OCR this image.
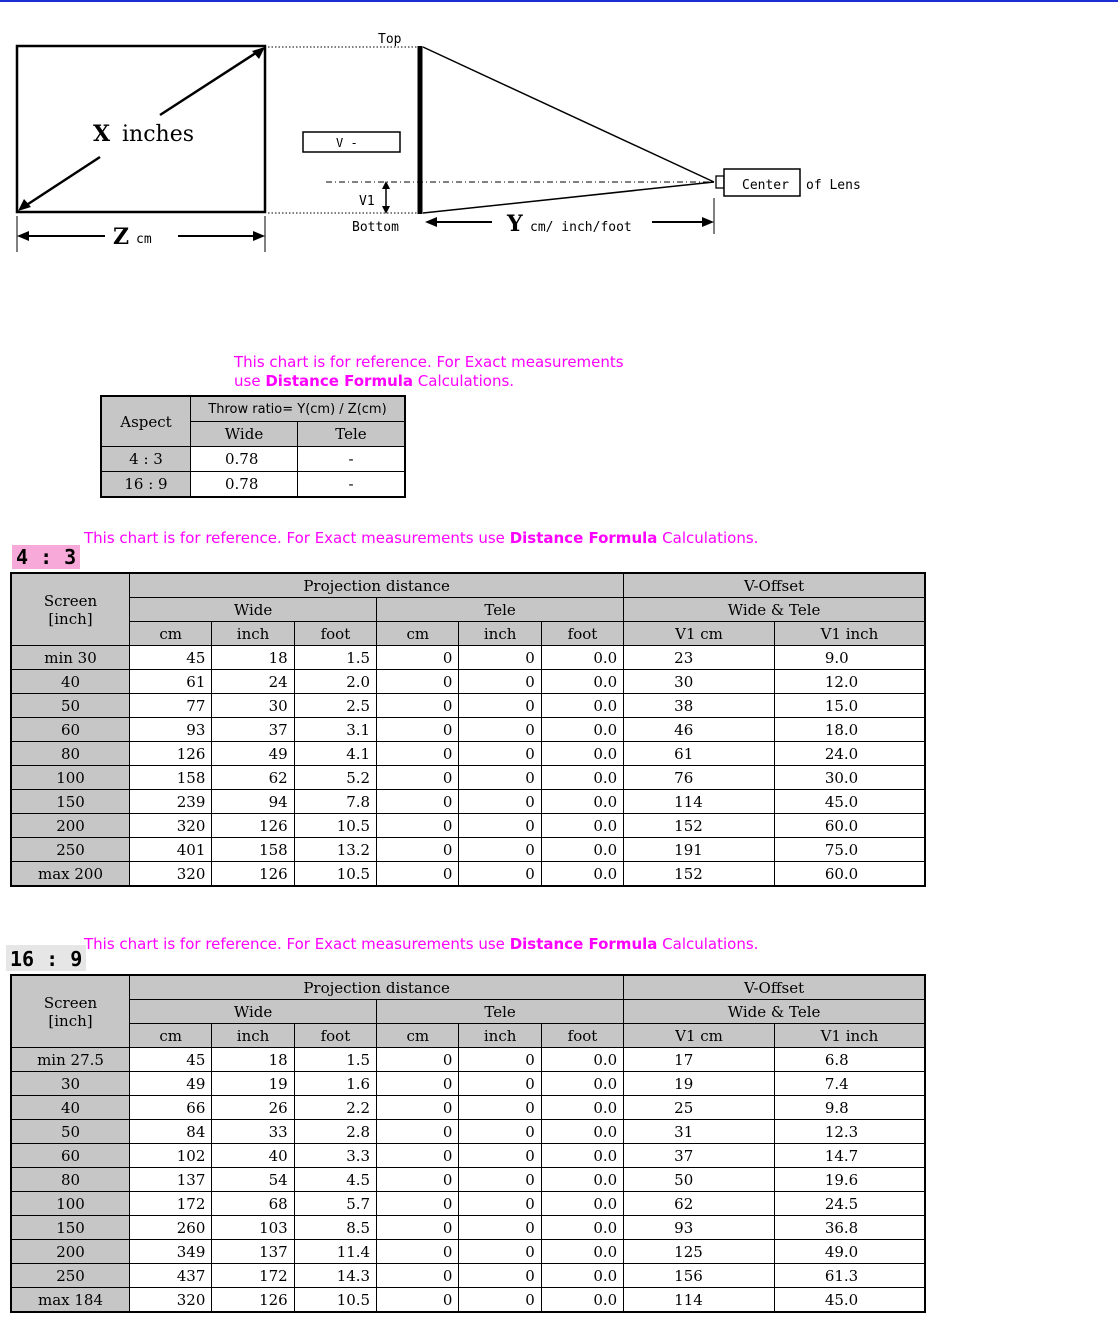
X inches
Z cm
Top
Bottom
V -
V1
Center of Lens
Y cm/ inch/foot
This chart is for reference. For Exact measurements
use Distance Formula Calculations.
Aspect	Throw ratio= Y(cm) / Z(cm)	
	Wide	Tele
4 : 3	0.78	-
16 : 9	0.78	-
4 : 3
This chart is for reference. For Exact measurements use Distance Formula Calculations.
Screen
[inch]	Projection distance						V-Offset	
	Wide			Tele			Wide & Tele	
	cm	inch	foot	cm	inch	foot	V1 cm	V1 inch
min 30	45	18	1.5	0	0	0.0	23	9.0
40	61	24	2.0	0	0	0.0	30	12.0
50	77	30	2.5	0	0	0.0	38	15.0
60	93	37	3.1	0	0	0.0	46	18.0
80	126	49	4.1	0	0	0.0	61	24.0
100	158	62	5.2	0	0	0.0	76	30.0
150	239	94	7.8	0	0	0.0	114	45.0
200	320	126	10.5	0	0	0.0	152	60.0
250	401	158	13.2	0	0	0.0	191	75.0
max 200	320	126	10.5	0	0	0.0	152	60.0
16 : 9
This chart is for reference. For Exact measurements use Distance Formula Calculations.
Screen
[inch]	Projection distance						V-Offset	
	Wide			Tele			Wide & Tele	
	cm	inch	foot	cm	inch	foot	V1 cm	V1 inch
min 27.5	45	18	1.5	0	0	0.0	17	6.8
30	49	19	1.6	0	0	0.0	19	7.4
40	66	26	2.2	0	0	0.0	25	9.8
50	84	33	2.8	0	0	0.0	31	12.3
60	102	40	3.3	0	0	0.0	37	14.7
80	137	54	4.5	0	0	0.0	50	19.6
100	172	68	5.7	0	0	0.0	62	24.5
150	260	103	8.5	0	0	0.0	93	36.8
200	349	137	11.4	0	0	0.0	125	49.0
250	437	172	14.3	0	0	0.0	156	61.3
max 184	320	126	10.5	0	0	0.0	114	45.0
